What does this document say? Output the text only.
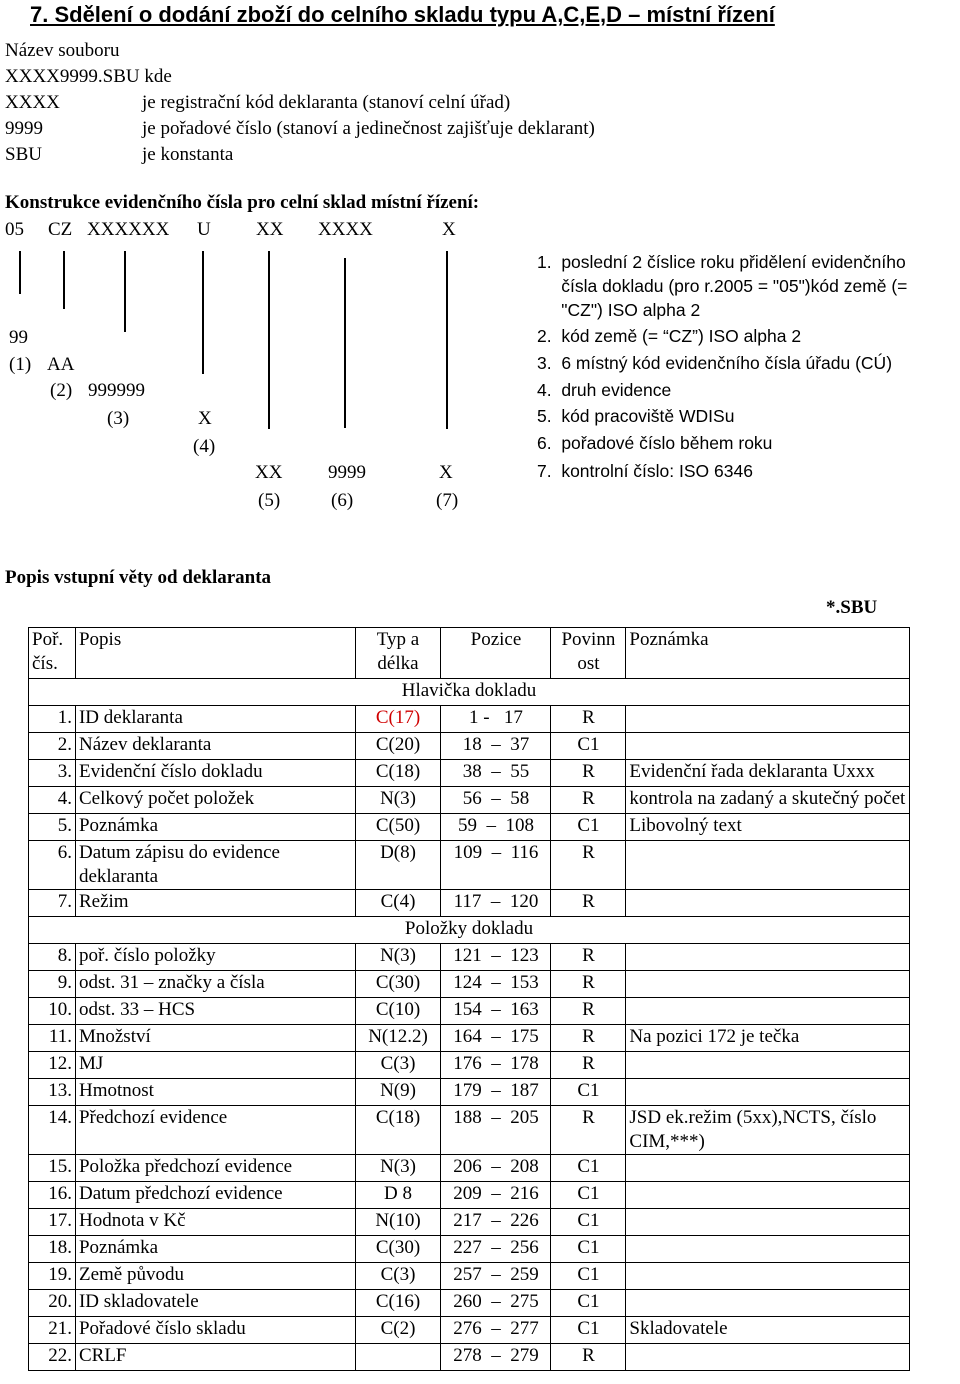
7. Sdělení o dodání zboží do celního skladu typu A,C,E,D – místní řízení
Název souboru
XXXX9999.SBU kde
XXXX	je registrační kód deklaranta (stanoví celní úřad)
9999	je pořadové číslo (stanoví a jedinečnost zajišťuje deklarant)
SBU	je konstanta
Konstrukce evidenčního čísla pro celní sklad místní řízení:
05 CZ XXXXXX U XX XXXX	X
99
(1) AA
(2) 999999
(3)	X
(4)
XX 9999	X
(5)	(6)	(7)
1.  poslední 2 číslice roku přidělení evidenčního
čísla dokladu (pro r.2005 = "05")kód země (=
"CZ") ISO alpha 2
2.  kód země (= “CZ”) ISO alpha 2
3.  6 místný kód evidenčního čísla úřadu (CÚ)
4.  druh evidence
5.  kód pracoviště WDISu
6.  pořadové číslo během roku
7.  kontrolní číslo: ISO 6346
Popis vstupní věty od deklaranta
*.SBU
Poř. čís.	Popis	Typ a délka	Pozice	Povinn ost	Poznámka
Hlavička dokladu					
1.	ID deklaranta	C(17)	1 -   17	R	
2.	Název deklaranta	C(20)	18  –  37	C1	
3.	Evidenční číslo dokladu	C(18)	38  –  55	R	Evidenční řada deklaranta Uxxx
4.	Celkový počet položek	N(3)	56  –  58	R	kontrola na zadaný a skutečný počet
5.	Poznámka	C(50)	59  –  108	C1	Libovolný text
6.	Datum zápisu do evidence deklaranta	D(8)	109  –  116	R	
7.	Režim	C(4)	117  –  120	R	
Položky dokladu					
8.	poř. číslo položky	N(3)	121  –  123	R	
9.	odst. 31 – značky a čísla	C(30)	124  –  153	R	
10.	odst. 33 – HCS	C(10)	154  –  163	R	
11.	Množství	N(12.2)	164  –  175	R	Na pozici 172 je tečka
12.	MJ	C(3)	176  –  178	R	
13.	Hmotnost	N(9)	179  –  187	C1	
14.	Předchozí evidence	C(18)	188  –  205	R	JSD ek.režim (5xx),NCTS, číslo CIM,***)
15.	Položka předchozí evidence	N(3)	206  –  208	C1	
16.	Datum předchozí evidence	D 8	209  –  216	C1	
17.	Hodnota v Kč	N(10)	217  –  226	C1	
18.	Poznámka	C(30)	227  –  256	C1	
19.	Země původu	C(3)	257  –  259	C1	
20.	ID skladovatele	C(16)	260  –  275	C1	
21.	Pořadové číslo skladu	C(2)	276  –  277	C1	Skladovatele
22.	CRLF		278  –  279	R	
